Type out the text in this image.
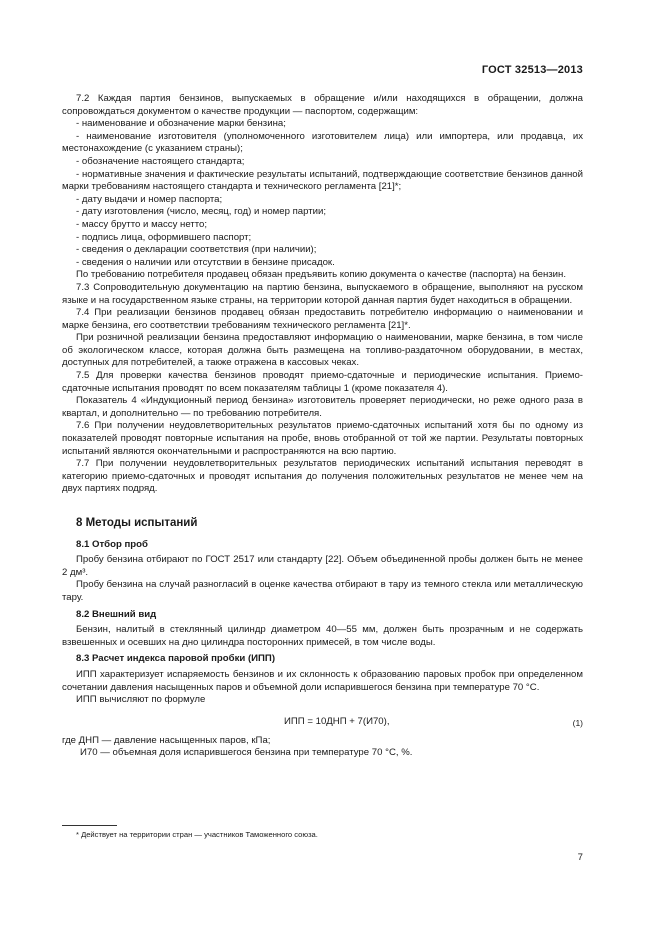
ГОСТ 32513—2013

7.2 Каждая партия бензинов, выпускаемых в обращение и/или находящихся в обращении, должна сопровождаться документом о качестве продукции — паспортом, содержащим:

- наименование и обозначение марки бензина;

- наименование изготовителя (уполномоченного изготовителем лица) или импортера, или продавца, их местонахождение (с указанием страны);

- обозначение настоящего стандарта;

- нормативные значения и фактические результаты испытаний, подтверждающие соответствие бензинов данной марки требованиям настоящего стандарта и технического регламента [21]*;

- дату выдачи и номер паспорта;

- дату изготовления (число, месяц, год) и номер партии;

- массу брутто и массу нетто;

- подпись лица, оформившего паспорт;

- сведения о декларации соответствия (при наличии);

- сведения о наличии или отсутствии в бензине присадок.

По требованию потребителя продавец обязан предъявить копию документа о качестве (паспорта) на бензин.

7.3 Сопроводительную документацию на партию бензина, выпускаемого в обращение, выполняют на русском языке и на государственном языке страны, на территории которой данная партия будет находиться в обращении.

7.4 При реализации бензинов продавец обязан предоставить потребителю информацию о наименовании и марке бензина, его соответствии требованиям технического регламента [21]*.

При розничной реализации бензина предоставляют информацию о наименовании, марке бензина, в том числе об экологическом классе, которая должна быть размещена на топливо-раздаточном оборудовании, в местах, доступных для потребителей, а также отражена в кассовых чеках.

7.5 Для проверки качества бензинов проводят приемо-сдаточные и периодические испытания. Приемо-сдаточные испытания проводят по всем показателям таблицы 1 (кроме показателя 4).

Показатель 4 «Индукционный период бензина» изготовитель проверяет периодически, но реже одного раза в квартал, и дополнительно — по требованию потребителя.

7.6 При получении неудовлетворительных результатов приемо-сдаточных испытаний хотя бы по одному из показателей проводят повторные испытания на пробе, вновь отобранной от той же партии. Результаты повторных испытаний являются окончательными и распространяются на всю партию.

7.7 При получении неудовлетворительных результатов периодических испытаний испытания переводят в категорию приемо-сдаточных и проводят испытания до получения положительных результатов не менее чем на двух партиях подряд.

8 Методы испытаний
8.1 Отбор проб

Пробу бензина отбирают по ГОСТ 2517 или стандарту [22]. Объем объединенной пробы должен быть не менее 2 дм³.

Пробу бензина на случай разногласий в оценке качества отбирают в тару из темного стекла или металлическую тару.

8.2 Внешний вид

Бензин, налитый в стеклянный цилиндр диаметром 40—55 мм, должен быть прозрачным и не содержать взвешенных и осевших на дно цилиндра посторонних примесей, в том числе воды.

8.3 Расчет индекса паровой пробки (ИПП)

ИПП характеризует испаряемость бензинов и их склонность к образованию паровых пробок при определенном сочетании давления насыщенных паров и объемной доли испарившегося бензина при температуре 70 °С.

ИПП вычисляют по формуле

ИПП = 10ДНП + 7(И70),	(1)

где ДНП — давление насыщенных паров, кПа;

И70 — объемная доля испарившегося бензина при температуре 70 °С, %.

* Действует на территории стран — участников Таможенного союза.
7
